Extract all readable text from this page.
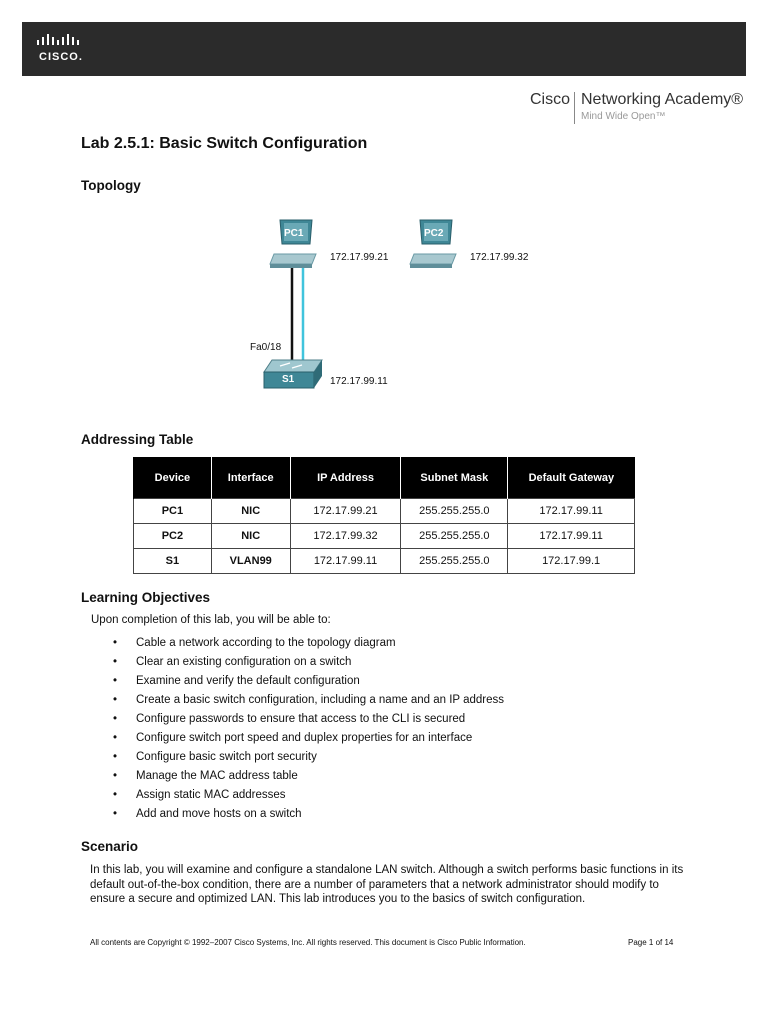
CISCO.
Cisco Networking Academy®
Mind Wide Open™
Lab 2.5.1: Basic Switch Configuration
Topology
PC1
172.17.99.21
PC2
172.17.99.32
S1	172.17.99.11
Fa0/18
Addressing Table
Device	Interface	IP Address	Subnet Mask	Default Gateway
PC1	NIC	172.17.99.21	255.255.255.0	172.17.99.11
PC2	NIC	172.17.99.32	255.255.255.0	172.17.99.11
S1	VLAN99	172.17.99.11	255.255.255.0	172.17.99.1
Learning Objectives
Upon completion of this lab, you will be able to:
• Cable a network according to the topology diagram
• Clear an existing configuration on a switch
• Examine and verify the default configuration
• Create a basic switch configuration, including a name and an IP address
• Configure passwords to ensure that access to the CLI is secured
• Configure switch port speed and duplex properties for an interface
• Configure basic switch port security
• Manage the MAC address table
• Assign static MAC addresses
• Add and move hosts on a switch
Scenario
In this lab, you will examine and configure a standalone LAN switch. Although a switch performs basic functions in its default out-of-the-box condition, there are a number of parameters that a network administrator should modify to ensure a secure and optimized LAN. This lab introduces you to the basics of switch configuration.
All contents are Copyright © 1992–2007 Cisco Systems, Inc. All rights reserved. This document is Cisco Public Information.	Page 1 of 14
